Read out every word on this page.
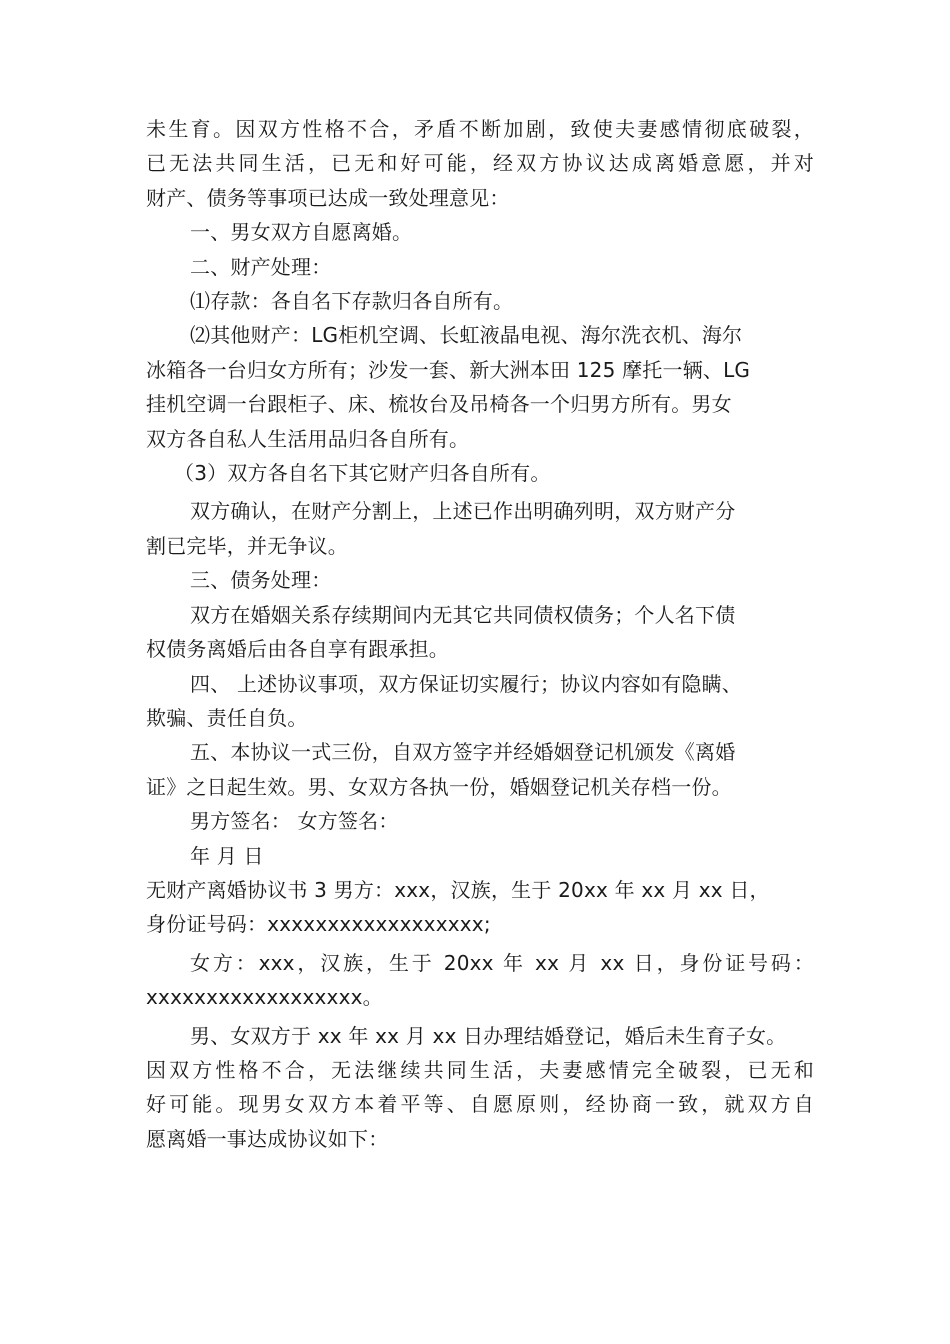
未生育。因双方性格不合，矛盾不断加剧，致使夫妻感情彻底破裂，
已无法共同生活，已无和好可能，经双方协议达成离婚意愿，并对
财产、债务等事项已达成一致处理意见：
一、男女双方自愿离婚。
二、财产处理：
⑴存款：各自名下存款归各自所有。
⑵其他财产：LG柜机空调、长虹液晶电视、海尔洗衣机、海尔
冰箱各一台归女方所有；沙发一套、新大洲本田 125 摩托一辆、LG
挂机空调一台跟柜子、床、梳妆台及吊椅各一个归男方所有。男女
双方各自私人生活用品归各自所有。
（3）双方各自名下其它财产归各自所有。
双方确认，在财产分割上，上述已作出明确列明，双方财产分
割已完毕，并无争议。
三、债务处理：
双方在婚姻关系存续期间内无其它共同债权债务；个人名下债
权债务离婚后由各自享有跟承担。
四、 上述协议事项，双方保证切实履行；协议内容如有隐瞒、
欺骗、责任自负。
五、本协议一式三份，自双方签字并经婚姻登记机颁发《离婚
证》之日起生效。男、女双方各执一份，婚姻登记机关存档一份。
男方签名： 女方签名：
年 月 日
无财产离婚协议书 3 男方：xxx，汉族，生于 20xx 年 xx 月 xx 日，
身份证号码：xxxxxxxxxxxxxxxxxx;
女方：xxx，汉族，生于 20xx 年 xx 月 xx 日，身份证号码：
xxxxxxxxxxxxxxxxxx。
男、女双方于 xx 年 xx 月 xx 日办理结婚登记，婚后未生育子女。
因双方性格不合，无法继续共同生活，夫妻感情完全破裂，已无和
好可能。现男女双方本着平等、自愿原则，经协商一致，就双方自
愿离婚一事达成协议如下：
